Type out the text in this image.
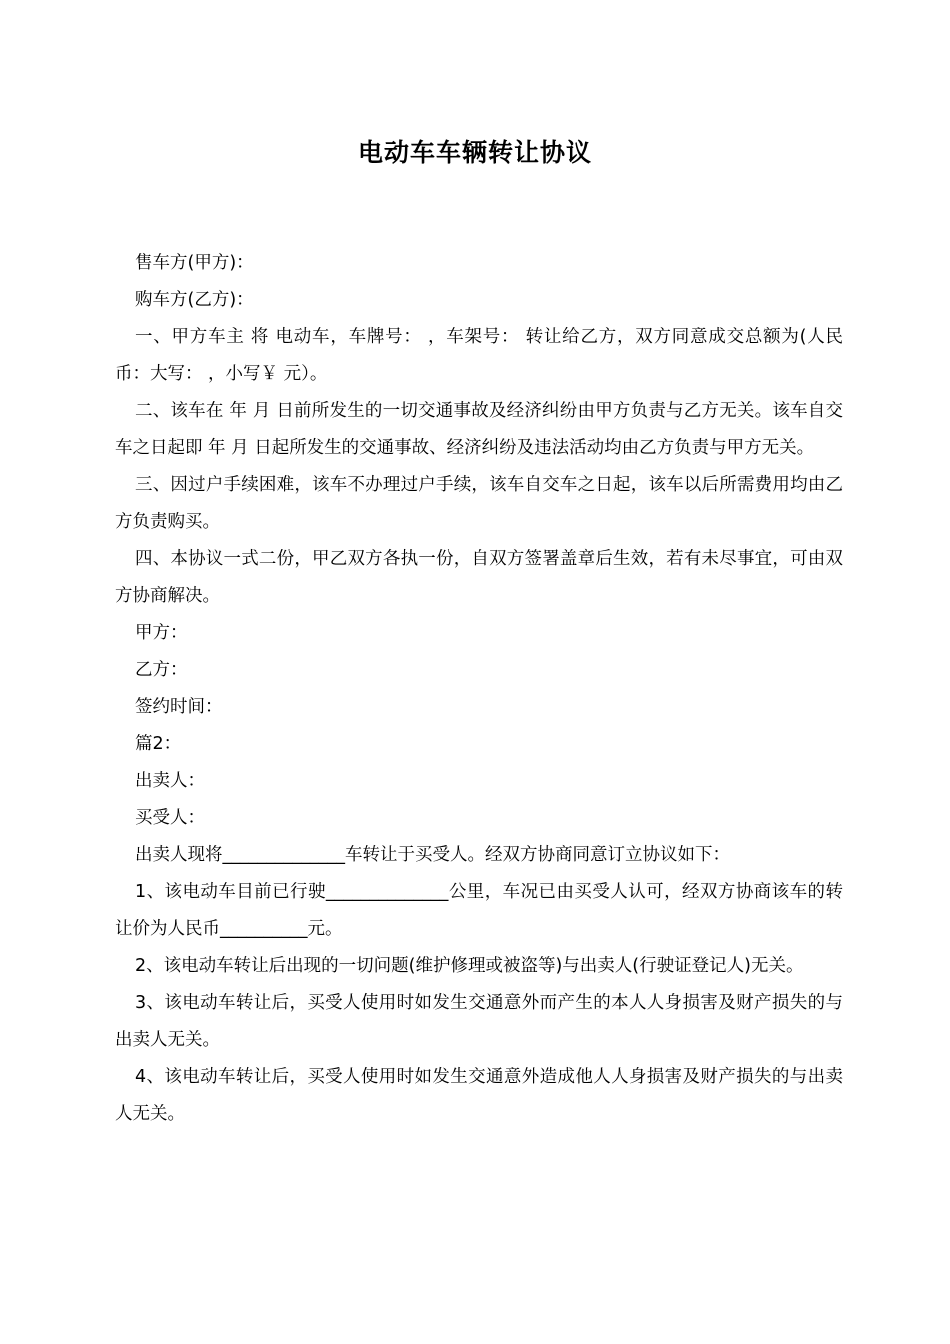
电动车车辆转让协议

售车方(甲方)：

购车方(乙方)：

一、甲方车主 将 电动车，车牌号： ，车架号： 转让给乙方，双方同意成交总额为(人民币：大写： ，小写￥ 元）。

二、该车在 年 月 日前所发生的一切交通事故及经济纠纷由甲方负责与乙方无关。该车自交车之日起即 年 月 日起所发生的交通事故、经济纠纷及违法活动均由乙方负责与甲方无关。

三、因过户手续困难，该车不办理过户手续，该车自交车之日起，该车以后所需费用均由乙方负责购买。

四、本协议一式二份，甲乙双方各执一份，自双方签署盖章后生效，若有未尽事宜，可由双方协商解决。

甲方：

乙方：

签约时间：

篇2：

出卖人：

买受人：

出卖人现将______________车转让于买受人。经双方协商同意订立协议如下：

1、该电动车目前已行驶______________公里，车况已由买受人认可，经双方协商该车的转让价为人民币__________元。

2、该电动车转让后出现的一切问题(维护修理或被盗等)与出卖人(行驶证登记人)无关。

3、该电动车转让后，买受人使用时如发生交通意外而产生的本人人身损害及财产损失的与出卖人无关。

4、该电动车转让后，买受人使用时如发生交通意外造成他人人身损害及财产损失的与出卖人无关。
